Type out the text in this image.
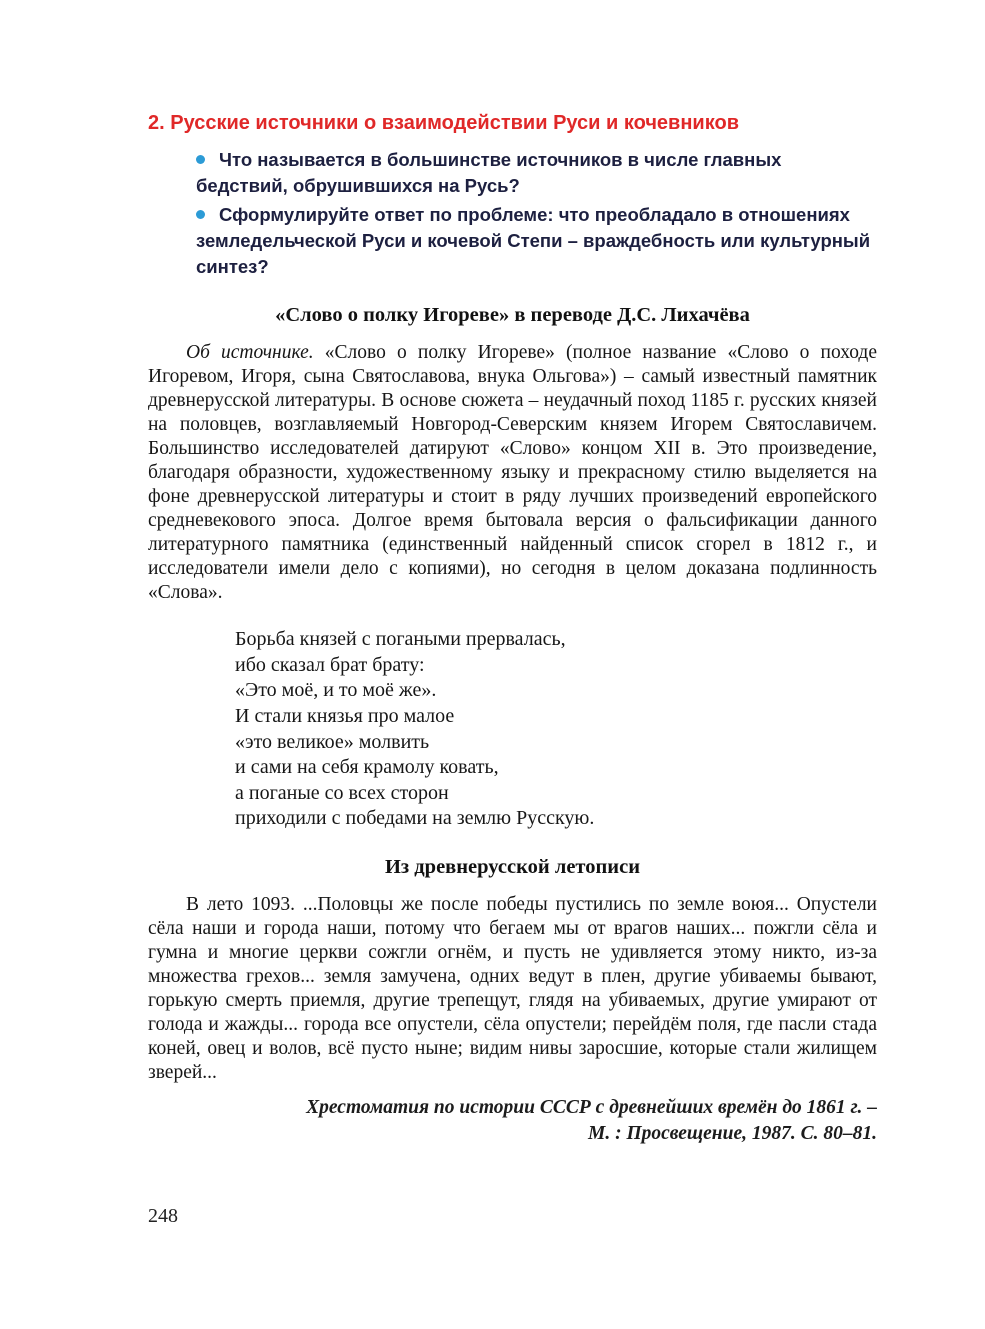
2. Русские источники о взаимодействии Руси и кочевников
Что называется в большинстве источников в числе главных бедствий, обрушившихся на Русь?
Сформулируйте ответ по проблеме: что преобладало в отношениях земледельческой Руси и кочевой Степи – враждебность или культурный синтез?
«Слово о полку Игореве» в переводе Д.С. Лихачёва

Об источнике. «Слово о полку Игореве» (полное название «Слово о походе Игоревом, Игоря, сына Святославова, внука Ольгова») – самый известный памятник древнерусской литературы. В основе сюжета – неудачный поход 1185 г. русских князей на половцев, возглавляемый Новгород-Северским князем Игорем Святославичем. Большинство исследователей датируют «Слово» концом XII в. Это произведение, благодаря образности, художественному языку и прекрасному стилю выделяется на фоне древнерусской литературы и стоит в ряду лучших произведений европейского средневекового эпоса. Долгое время бытовала версия о фальсификации данного литературного памятника (единственный найденный список сгорел в 1812 г., и исследователи имели дело с копиями), но сегодня в целом доказана подлинность «Слова».

Борьба князей с погаными прервалась,
ибо сказал брат брату:
«Это моё, и то моё же».
И стали князья про малое
«это великое» молвить
и сами на себя крамолу ковать,
а поганые со всех сторон
приходили с победами на землю Русскую.
Из древнерусской летописи

В лето 1093. ...Половцы же после победы пустились по земле воюя... Опустели сёла наши и города наши, потому что бегаем мы от врагов наших... пожгли сёла и гумна и многие церкви сожгли огнём, и пусть не удивляется этому никто, из-за множества грехов... земля замучена, одних ведут в плен, другие убиваемы бывают, горькую смерть приемля, другие трепещут, глядя на убиваемых, другие умирают от голода и жажды... города все опустели, сёла опустели; перейдём поля, где пасли стада коней, овец и волов, всё пусто ныне; видим нивы заросшие, которые стали жилищем зверей...

Хрестоматия по истории СССР с древнейших времён до 1861 г. –
М. : Просвещение, 1987. С. 80–81.
248
